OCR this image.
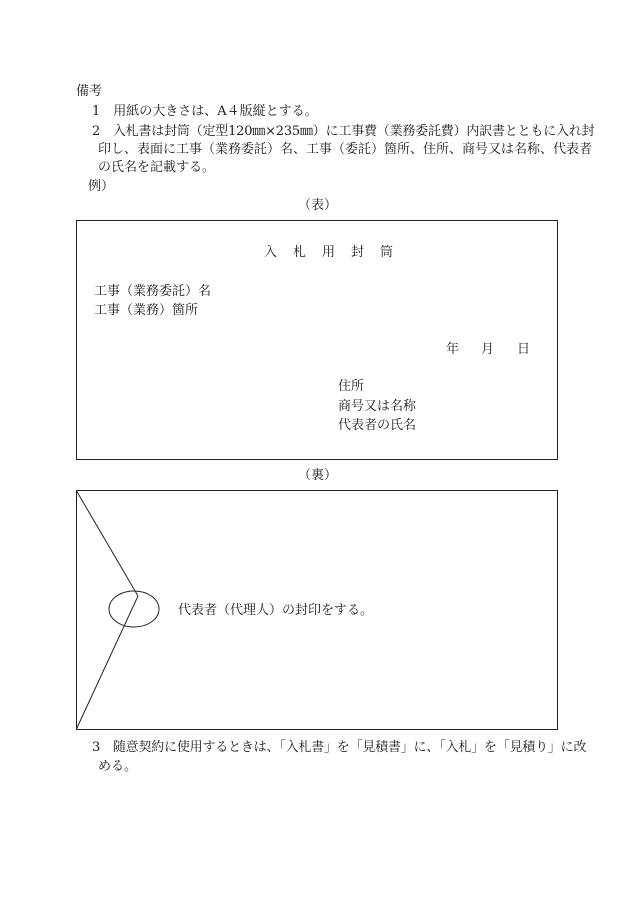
備考

1　用紙の大きさは、A４版縦とする。

2　入札書は封筒（定型120㎜×235㎜）に工事費（業務委託費）内訳書とともに入れ封

印し、表面に工事（業務委託）名、工事（委託）箇所、住所、商号又は名称、代表者

の氏名を記載する。

例）

（表）

入札用封筒

工事（業務委託）名

工事（業務）箇所

年 月 日

住所

商号又は名称

代表者の氏名

（裏）

代表者（代理人）の封印をする。

3　随意契約に使用するときは、「入札書」を「見積書」に、「入札」を「見積り」に改

める。
